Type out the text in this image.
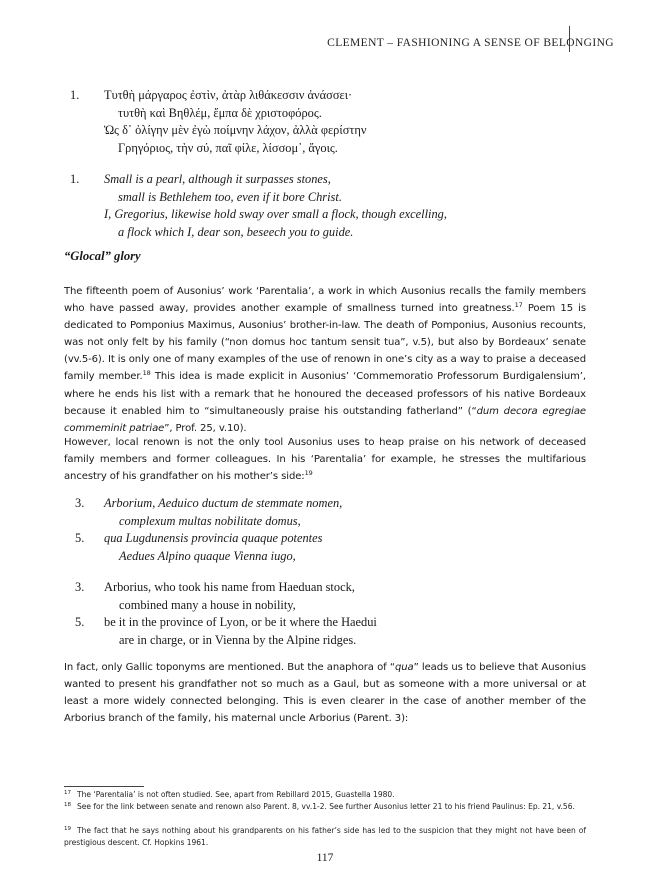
CLEMENT – FASHIONING A SENSE OF BELONGING
1. Τυτθὴ μάργαρος ἐστὶν, ἀτὰρ λιθάκεσσιν ἀνάσσει·
τυτθὴ καὶ Βηθλέμ, ἔμπα δὲ χριστοφόρος.
Ὡς δ᾽ ὀλίγην μὲν ἐγὼ ποίμνην λάχον, ἀλλὰ φερίστην
Γρηγόριος, τὴν σύ, παῖ φίλε, λίσσομ᾽, ἄγοις.
1. Small is a pearl, although it surpasses stones,
small is Bethlehem too, even if it bore Christ.
I, Gregorius, likewise hold sway over small a flock, though excelling,
a flock which I, dear son, beseech you to guide.
“Glocal” glory
The fifteenth poem of Ausonius’ work ‘Parentalia’, a work in which Ausonius recalls the family members who have passed away, provides another example of smallness turned into greatness.$^{17}$ Poem 15 is dedicated to Pomponius Maximus, Ausonius’ brother-in-law. The death of Pomponius, Ausonius recounts, was not only felt by his family (“non domus hoc tantum sensit tua”, v.5), but also by Bordeaux’ senate (vv.5-6). It is only one of many examples of the use of renown in one’s city as a way to praise a deceased family member.$^{18}$ This idea is made explicit in Ausonius’ ‘Commemoratio Professorum Burdigalensium’, where he ends his list with a remark that he honoured the deceased professors of his native Bordeaux because it enabled him to “simultaneously praise his outstanding fatherland” (“dum decora egregiae commeminit patriae”, Prof. 25, v.10).
However, local renown is not the only tool Ausonius uses to heap praise on his network of deceased family members and former colleagues. In his ‘Parentalia’ for example, he stresses the multifarious ancestry of his grandfather on his mother’s side:$^{19}$
3. Arborium, Aeduico ductum de stemmate nomen,
complexum multas nobilitate domus,
5. qua Lugdunensis provincia quaque potentes
Aedues Alpino quaque Vienna iugo,
3. Arborius, who took his name from Haeduan stock,
combined many a house in nobility,
5. be it in the province of Lyon, or be it where the Haedui
are in charge, or in Vienna by the Alpine ridges.
In fact, only Gallic toponyms are mentioned. But the anaphora of “qua” leads us to believe that Ausonius wanted to present his grandfather not so much as a Gaul, but as someone with a more universal or at least a more widely connected belonging. This is even clearer in the case of another member of the Arborius branch of the family, his maternal uncle Arborius (Parent. 3):
$^{17}$ The ‘Parentalia’ is not often studied. See, apart from Rebillard 2015, Guastella 1980.
$^{18}$ See for the link between senate and renown also Parent. 8, vv.1-2. See further Ausonius letter 21 to his friend Paulinus: Ep. 21, v.56.
$^{19}$ The fact that he says nothing about his grandparents on his father’s side has led to the suspicion that they might not have been of prestigious descent. Cf. Hopkins 1961.
117
